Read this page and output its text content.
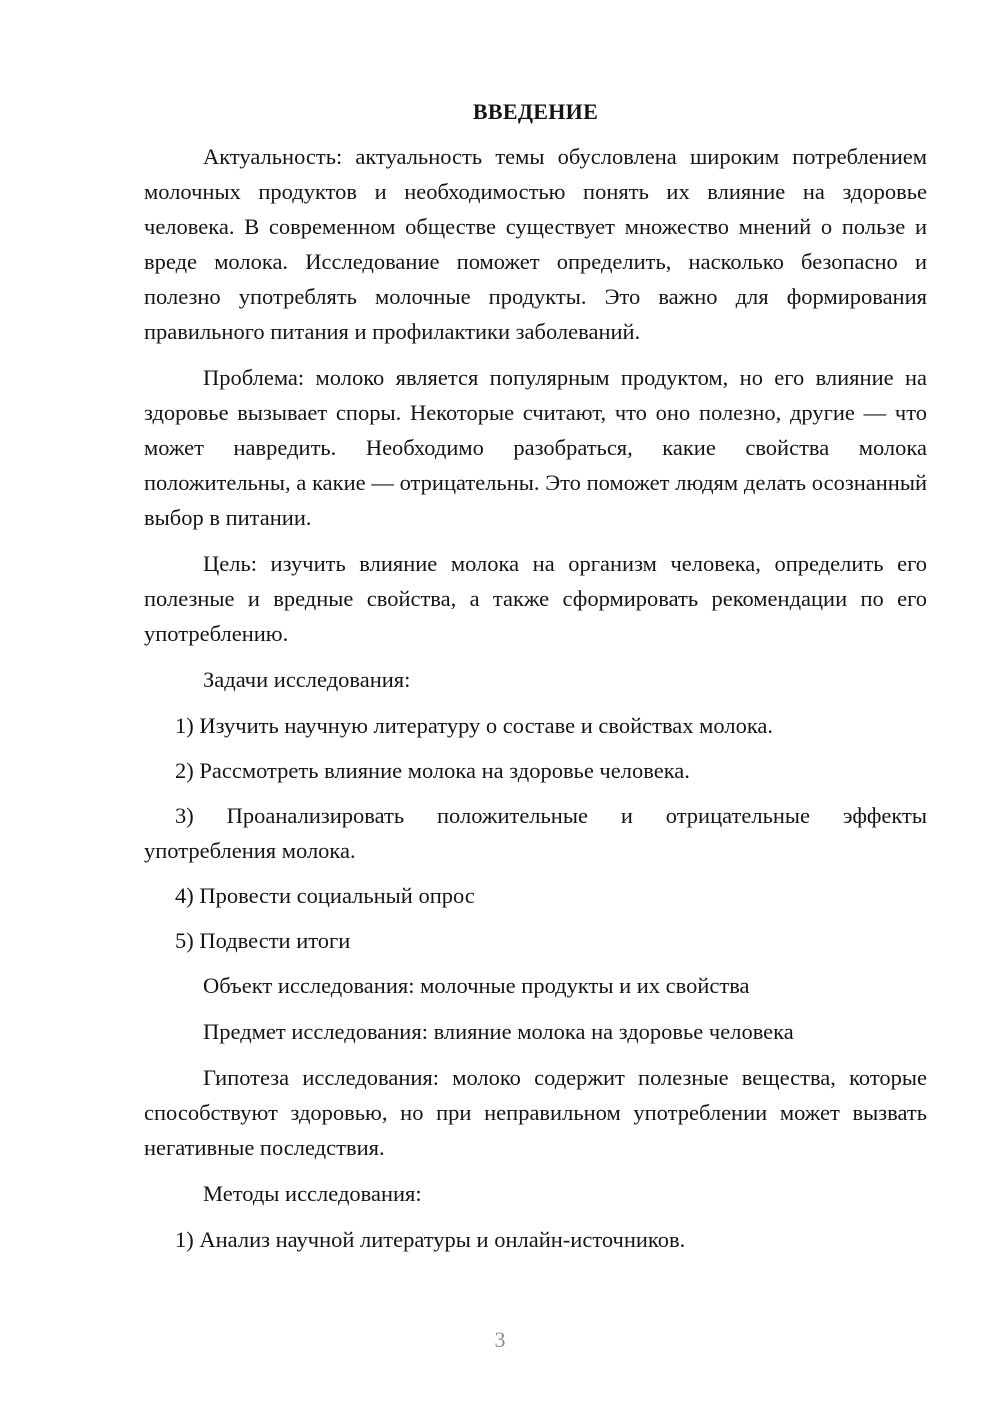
ВВЕДЕНИЕ

Актуальность: актуальность темы обусловлена широким потреблением молочных продуктов и необходимостью понять их влияние на здоровье человека. В современном обществе существует множество мнений о пользе и вреде молока. Исследование поможет определить, насколько безопасно и полезно употреблять молочные продукты. Это важно для формирования правильного питания и профилактики заболеваний.

Проблема: молоко является популярным продуктом, но его влияние на здоровье вызывает споры. Некоторые считают, что оно полезно, другие — что может навредить. Необходимо разобраться, какие свойства молока положительны, а какие — отрицательны. Это поможет людям делать осознанный выбор в питании.

Цель: изучить влияние молока на организм человека, определить его полезные и вредные свойства, а также сформировать рекомендации по его употреблению.

Задачи исследования:

1) Изучить научную литературу о составе и свойствах молока.

2) Рассмотреть влияние молока на здоровье человека.

3) Проанализировать положительные и отрицательные эффекты употребления молока.

4) Провести социальный опрос

5) Подвести итоги

Объект исследования: молочные продукты и их свойства

Предмет исследования: влияние молока на здоровье человека

Гипотеза исследования: молоко содержит полезные вещества, которые способствуют здоровью, но при неправильном употреблении может вызвать негативные последствия.

Методы исследования:

1) Анализ научной литературы и онлайн-источников.

3
